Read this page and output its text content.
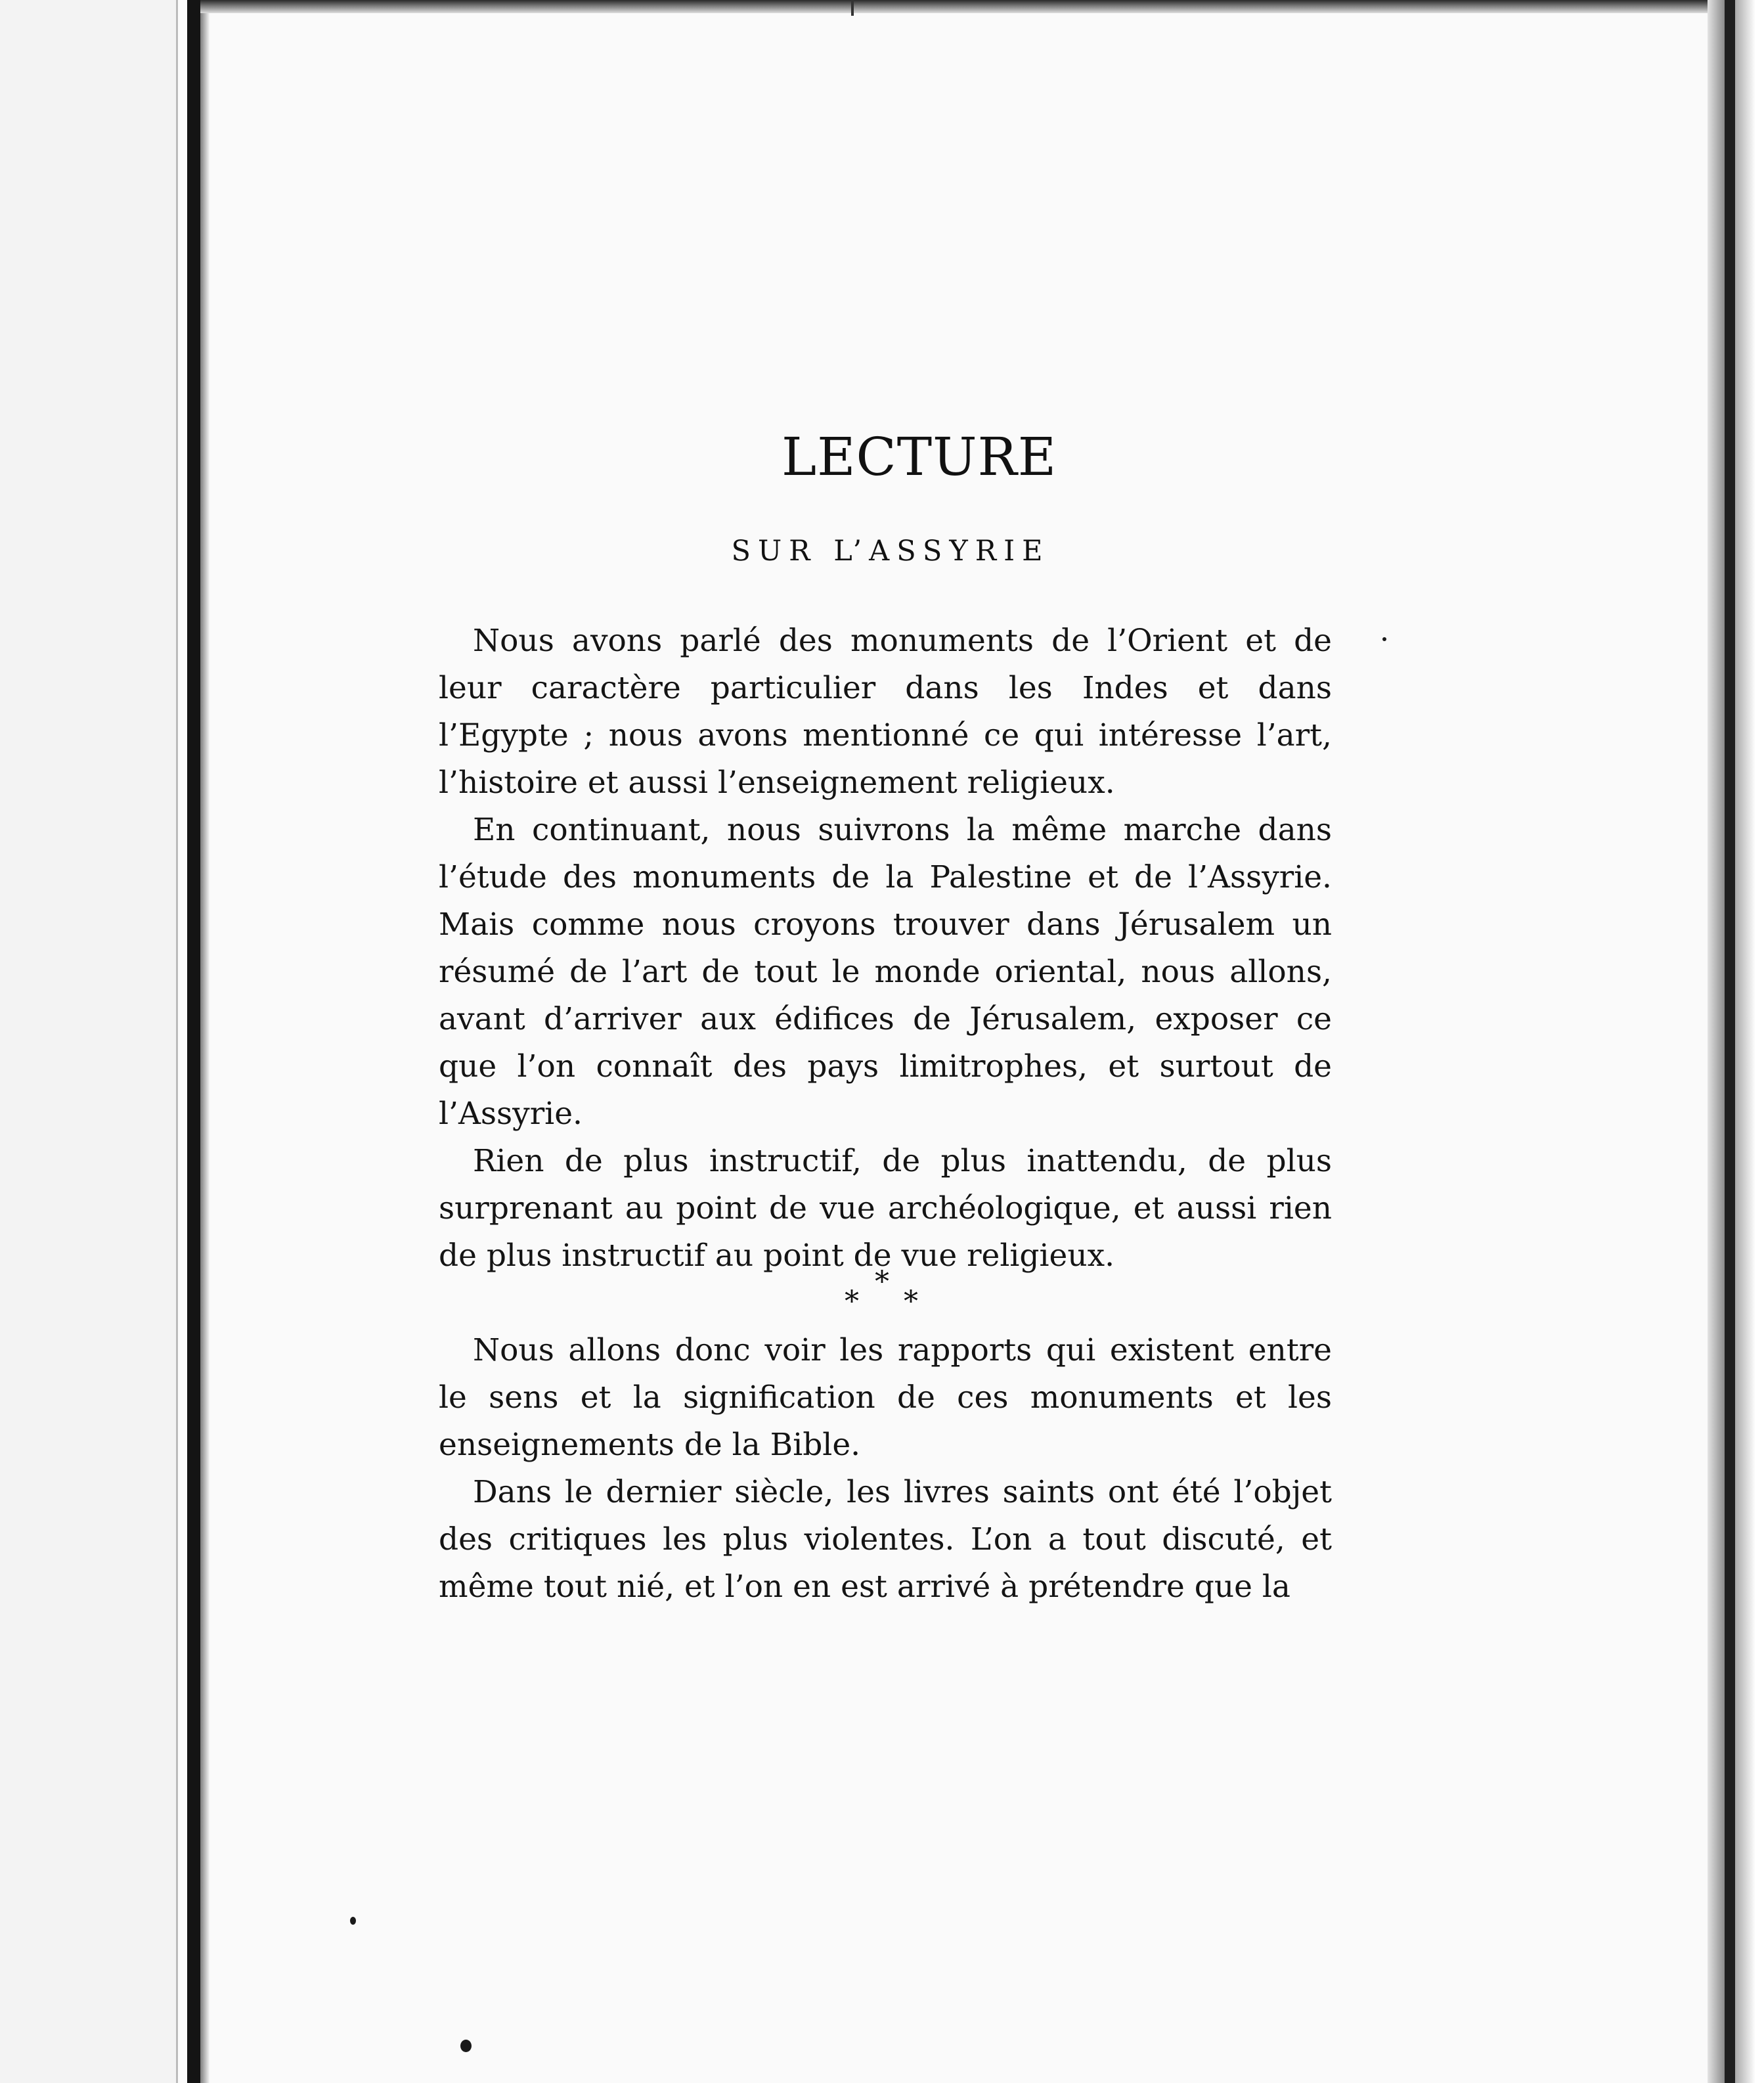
LECTURE
SUR L’ASSYRIE

Nous avons parlé des monuments de l’Orient et de leur caractère particulier dans les Indes et dans l’Egypte ; nous avons mentionné ce qui intéresse l’art, l’histoire et aussi l’enseignement religieux.

En continuant, nous suivrons la même marche dans l’étude des monuments de la Palestine et de l’Assyrie. Mais comme nous croyons trouver dans Jérusalem un résumé de l’art de tout le monde oriental, nous allons, avant d’arriver aux édifices de Jérusalem, exposer ce que l’on connaît des pays limitrophes, et surtout de l’Assyrie.

Rien de plus instructif, de plus inattendu, de plus surprenant au point de vue archéologique, et aussi rien de plus instructif au point de vue religieux.

*
* *

Nous allons donc voir les rapports qui existent entre le sens et la signification de ces monuments et les enseignements de la Bible.

Dans le dernier siècle, les livres saints ont été l’objet des critiques les plus violentes. L’on a tout discuté, et même tout nié, et l’on en est arrivé à prétendre que la
